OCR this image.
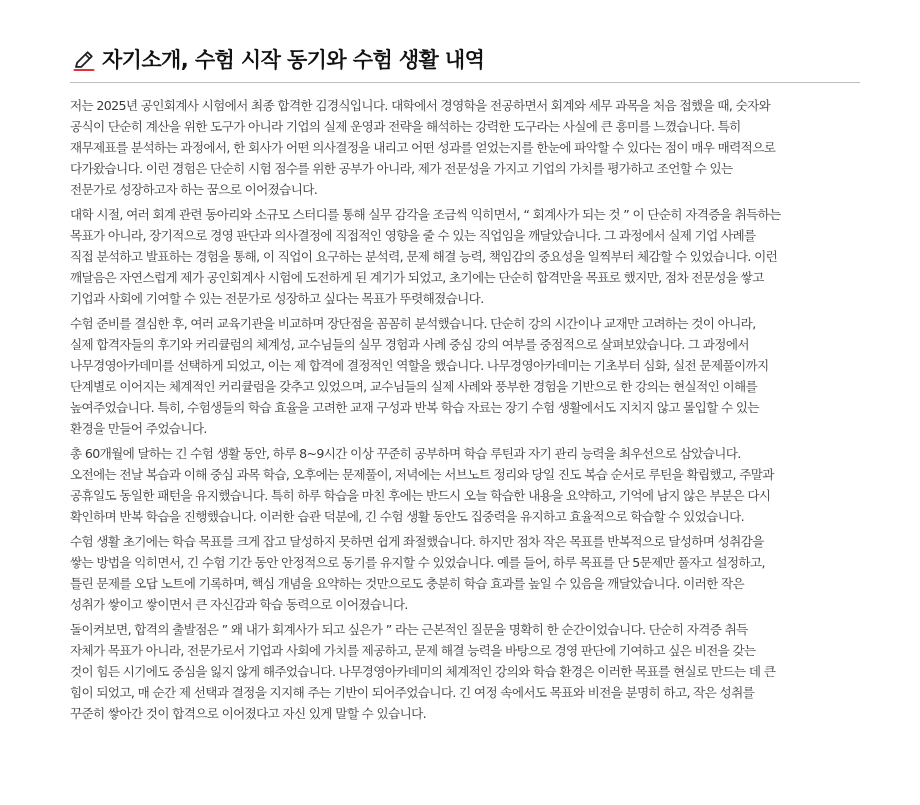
자기소개, 수험 시작 동기와 수험 생활 내역
저는 2025년 공인회계사 시험에서 최종 합격한 김경식입니다. 대학에서 경영학을 전공하면서 회계와 세무 과목을 처음 접했을 때, 숫자와
공식이 단순히 계산을 위한 도구가 아니라 기업의 실제 운영과 전략을 해석하는 강력한 도구라는 사실에 큰 흥미를 느꼈습니다. 특히
재무제표를 분석하는 과정에서, 한 회사가 어떤 의사결정을 내리고 어떤 성과를 얻었는지를 한눈에 파악할 수 있다는 점이 매우 매력적으로
다가왔습니다. 이런 경험은 단순히 시험 점수를 위한 공부가 아니라, 제가 전문성을 가지고 기업의 가치를 평가하고 조언할 수 있는
전문가로 성장하고자 하는 꿈으로 이어졌습니다.
대학 시절, 여러 회계 관련 동아리와 소규모 스터디를 통해 실무 감각을 조금씩 익히면서, “ 회계사가 되는 것 ” 이 단순히 자격증을 취득하는
목표가 아니라, 장기적으로 경영 판단과 의사결정에 직접적인 영향을 줄 수 있는 직업임을 깨달았습니다. 그 과정에서 실제 기업 사례를
직접 분석하고 발표하는 경험을 통해, 이 직업이 요구하는 분석력, 문제 해결 능력, 책임감의 중요성을 일찍부터 체감할 수 있었습니다. 이런
깨달음은 자연스럽게 제가 공인회계사 시험에 도전하게 된 계기가 되었고, 초기에는 단순히 합격만을 목표로 했지만, 점차 전문성을 쌓고
기업과 사회에 기여할 수 있는 전문가로 성장하고 싶다는 목표가 뚜렷해졌습니다.
수험 준비를 결심한 후, 여러 교육기관을 비교하며 장단점을 꼼꼼히 분석했습니다. 단순히 강의 시간이나 교재만 고려하는 것이 아니라,
실제 합격자들의 후기와 커리큘럼의 체계성, 교수님들의 실무 경험과 사례 중심 강의 여부를 중점적으로 살펴보았습니다. 그 과정에서
나무경영아카데미를 선택하게 되었고, 이는 제 합격에 결정적인 역할을 했습니다. 나무경영아카데미는 기초부터 심화, 실전 문제풀이까지
단계별로 이어지는 체계적인 커리큘럼을 갖추고 있었으며, 교수님들의 실제 사례와 풍부한 경험을 기반으로 한 강의는 현실적인 이해를
높여주었습니다. 특히, 수험생들의 학습 효율을 고려한 교재 구성과 반복 학습 자료는 장기 수험 생활에서도 지치지 않고 몰입할 수 있는
환경을 만들어 주었습니다.
총 60개월에 달하는 긴 수험 생활 동안, 하루 8~9시간 이상 꾸준히 공부하며 학습 루틴과 자기 관리 능력을 최우선으로 삼았습니다.
오전에는 전날 복습과 이해 중심 과목 학습, 오후에는 문제풀이, 저녁에는 서브노트 정리와 당일 진도 복습 순서로 루틴을 확립했고, 주말과
공휴일도 동일한 패턴을 유지했습니다. 특히 하루 학습을 마친 후에는 반드시 오늘 학습한 내용을 요약하고, 기억에 남지 않은 부분은 다시
확인하며 반복 학습을 진행했습니다. 이러한 습관 덕분에, 긴 수험 생활 동안도 집중력을 유지하고 효율적으로 학습할 수 있었습니다.
수험 생활 초기에는 학습 목표를 크게 잡고 달성하지 못하면 쉽게 좌절했습니다. 하지만 점차 작은 목표를 반복적으로 달성하며 성취감을
쌓는 방법을 익히면서, 긴 수험 기간 동안 안정적으로 동기를 유지할 수 있었습니다. 예를 들어, 하루 목표를 단 5문제만 풀자고 설정하고,
틀린 문제를 오답 노트에 기록하며, 핵심 개념을 요약하는 것만으로도 충분히 학습 효과를 높일 수 있음을 깨달았습니다. 이러한 작은
성취가 쌓이고 쌓이면서 큰 자신감과 학습 동력으로 이어졌습니다.
돌이켜보면, 합격의 출발점은 ” 왜 내가 회계사가 되고 싶은가 ” 라는 근본적인 질문을 명확히 한 순간이었습니다. 단순히 자격증 취득
자체가 목표가 아니라, 전문가로서 기업과 사회에 가치를 제공하고, 문제 해결 능력을 바탕으로 경영 판단에 기여하고 싶은 비전을 갖는
것이 힘든 시기에도 중심을 잃지 않게 해주었습니다. 나무경영아카데미의 체계적인 강의와 학습 환경은 이러한 목표를 현실로 만드는 데 큰
힘이 되었고, 매 순간 제 선택과 결정을 지지해 주는 기반이 되어주었습니다. 긴 여정 속에서도 목표와 비전을 분명히 하고, 작은 성취를
꾸준히 쌓아간 것이 합격으로 이어졌다고 자신 있게 말할 수 있습니다.
